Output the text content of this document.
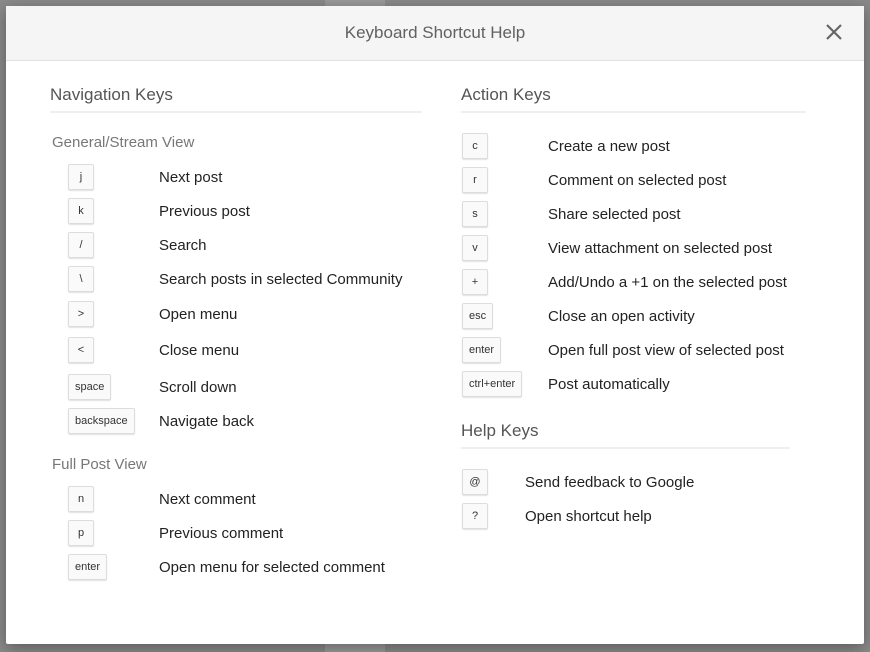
Keyboard Shortcut Help
Navigation Keys
General/Stream View
j	Next post
k	Previous post
/	Search
\	Search posts in selected Community
>	Open menu
<	Close menu
space	Scroll down
backspace	Navigate back
Full Post View
n	Next comment
p	Previous comment
enter	Open menu for selected comment
Action Keys
c	Create a new post
r	Comment on selected post
s	Share selected post
v	View attachment on selected post
+	Add/Undo a +1 on the selected post
esc	Close an open activity
enter	Open full post view of selected post
ctrl+enter	Post automatically
Help Keys
@	Send feedback to Google
?	Open shortcut help
